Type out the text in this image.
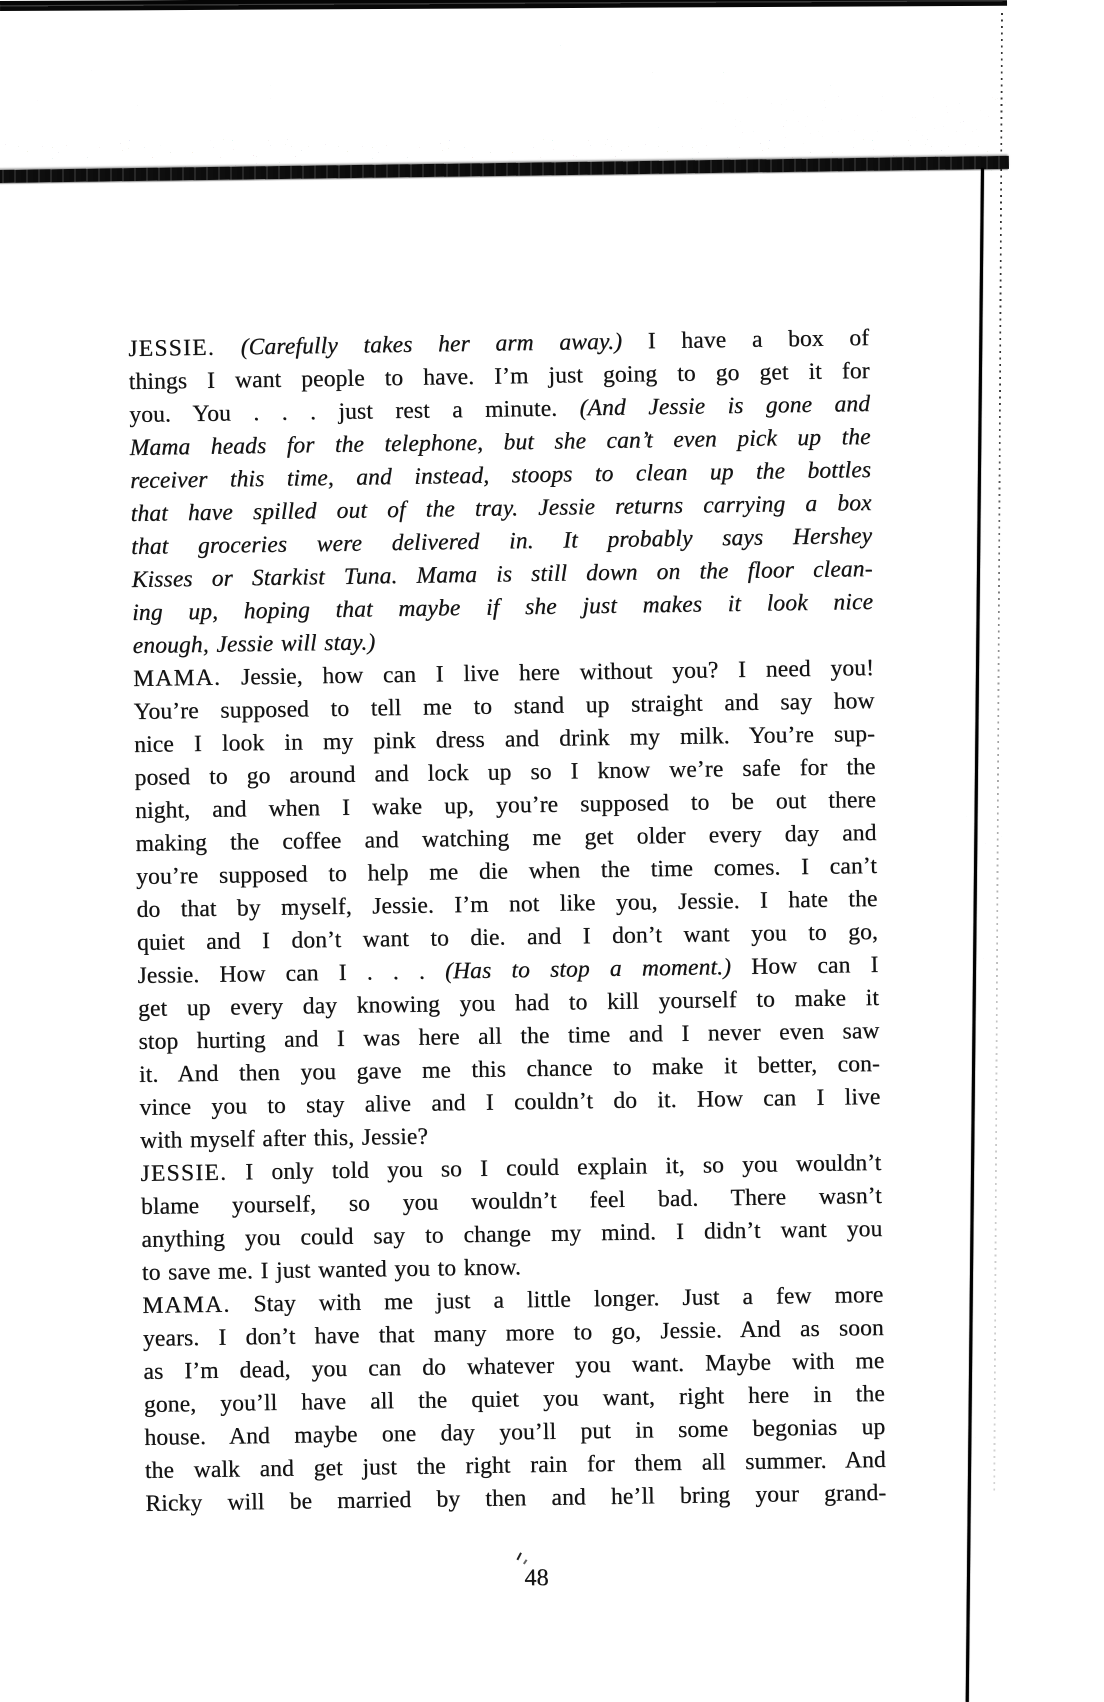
JESSIE. (Carefully takes her arm away.) I have a box of
things I want people to have. I’m just going to go get it for
you. You . . . just rest a minute. (And Jessie is gone and
Mama heads for the telephone, but she can’t even pick up the
receiver this time, and instead, stoops to clean up the bottles
that have spilled out of the tray. Jessie returns carrying a box
that groceries were delivered in. It probably says Hershey
Kisses or Starkist Tuna. Mama is still down on the floor clean-
ing up, hoping that maybe if she just makes it look nice
enough, Jessie will stay.)
MAMA. Jessie, how can I live here without you? I need you!
You’re supposed to tell me to stand up straight and say how
nice I look in my pink dress and drink my milk. You’re sup-
posed to go around and lock up so I know we’re safe for the
night, and when I wake up, you’re supposed to be out there
making the coffee and watching me get older every day and
you’re supposed to help me die when the time comes. I can’t
do that by myself, Jessie. I’m not like you, Jessie. I hate the
quiet and I don’t want to die. and I don’t want you to go,
Jessie. How can I . . . (Has to stop a moment.) How can I
get up every day knowing you had to kill yourself to make it
stop hurting and I was here all the time and I never even saw
it. And then you gave me this chance to make it better, con-
vince you to stay alive and I couldn’t do it. How can I live
with myself after this, Jessie?
JESSIE. I only told you so I could explain it, so you wouldn’t
blame yourself, so you wouldn’t feel bad. There wasn’t
anything you could say to change my mind. I didn’t want you
to save me. I just wanted you to know.
MAMA. Stay with me just a little longer. Just a few more
years. I don’t have that many more to go, Jessie. And as soon
as I’m dead, you can do whatever you want. Maybe with me
gone, you’ll have all the quiet you want, right here in the
house. And maybe one day you’ll put in some begonias up
the walk and get just the right rain for them all summer. And
Ricky will be married by then and he’ll bring your grand-
48
